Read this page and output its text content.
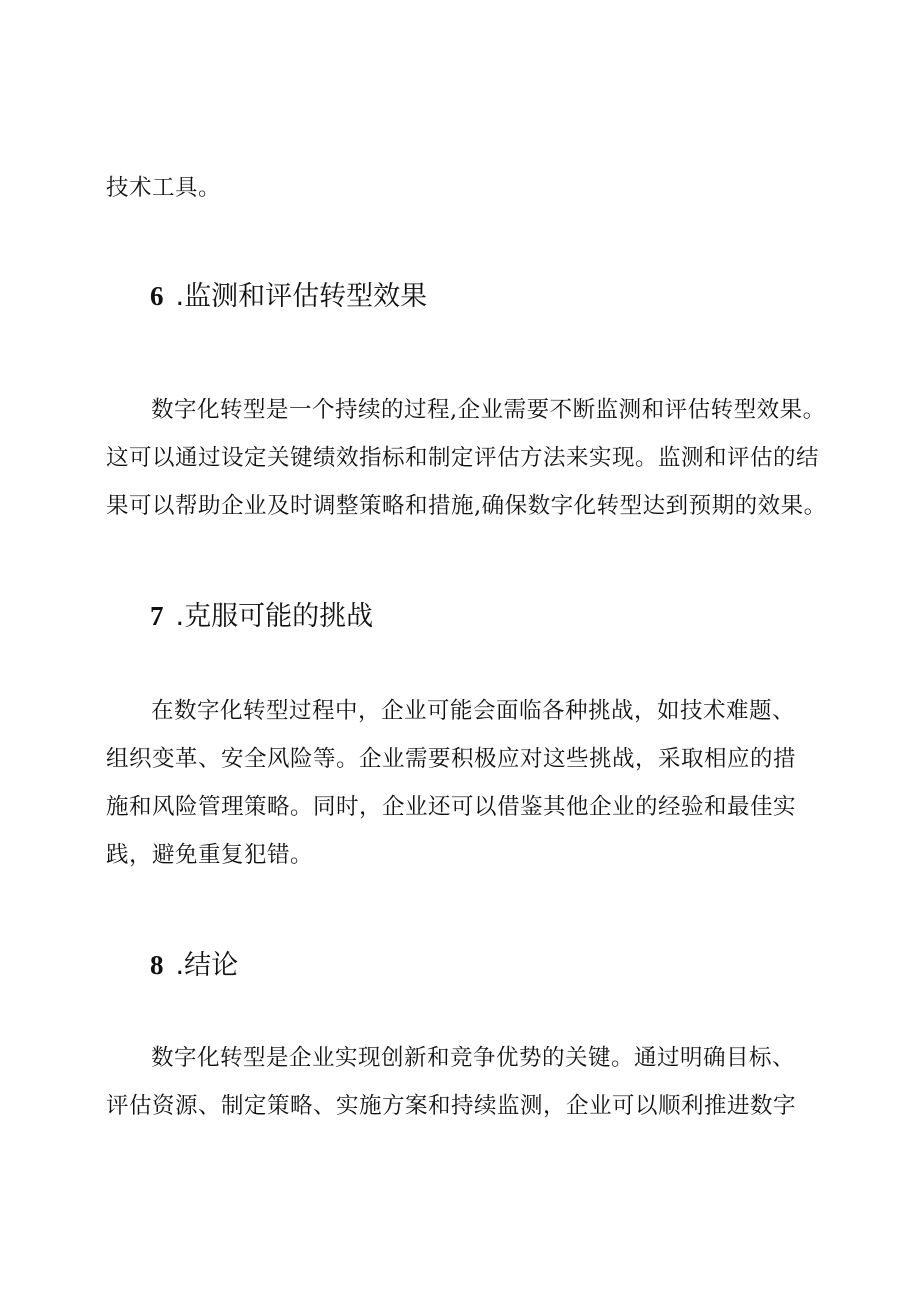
技术工具。
6 .监测和评估转型效果
数字化转型是一个持续的过程,企业需要不断监测和评估转型效果。
这可以通过设定关键绩效指标和制定评估方法来实现。监测和评估的结
果可以帮助企业及时调整策略和措施,确保数字化转型达到预期的效果。
7 .克服可能的挑战
在数字化转型过程中，企业可能会面临各种挑战，如技术难题、
组织变革、安全风险等。企业需要积极应对这些挑战，采取相应的措
施和风险管理策略。同时，企业还可以借鉴其他企业的经验和最佳实
践，避免重复犯错。
8 .结论
数字化转型是企业实现创新和竞争优势的关键。通过明确目标、
评估资源、制定策略、实施方案和持续监测，企业可以顺利推进数字
